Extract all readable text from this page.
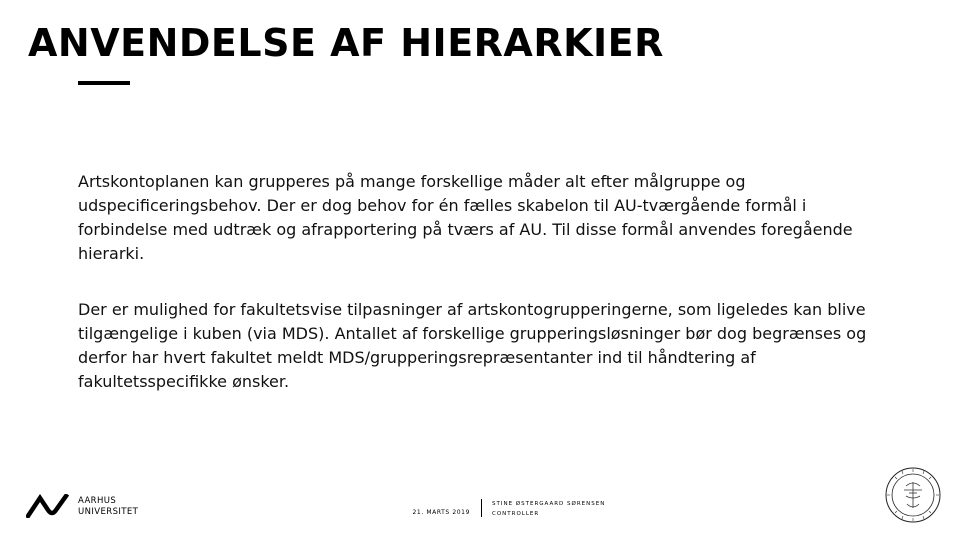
ANVENDELSE AF HIERARKIER

Artskontoplanen kan grupperes på mange forskellige måder alt efter målgruppe og udspecificeringsbehov. Der er dog behov for én fælles skabelon til AU-tværgående formål i forbindelse med udtræk og afrapportering på tværs af AU. Til disse formål anvendes foregående hierarki.

Der er mulighed for fakultetsvise tilpasninger af artskontogrupperingerne, som ligeledes kan blive tilgængelige i kuben (via MDS). Antallet af forskellige grupperingsløsninger bør dog begrænses og derfor har hvert fakultet meldt MDS/grupperingsrepræsentanter ind til håndtering af fakultetsspecifikke ønsker.

AARHUS
UNIVERSITET	21. MARTS 2019
STINE ØSTERGAARD SØRENSEN
CONTROLLER
